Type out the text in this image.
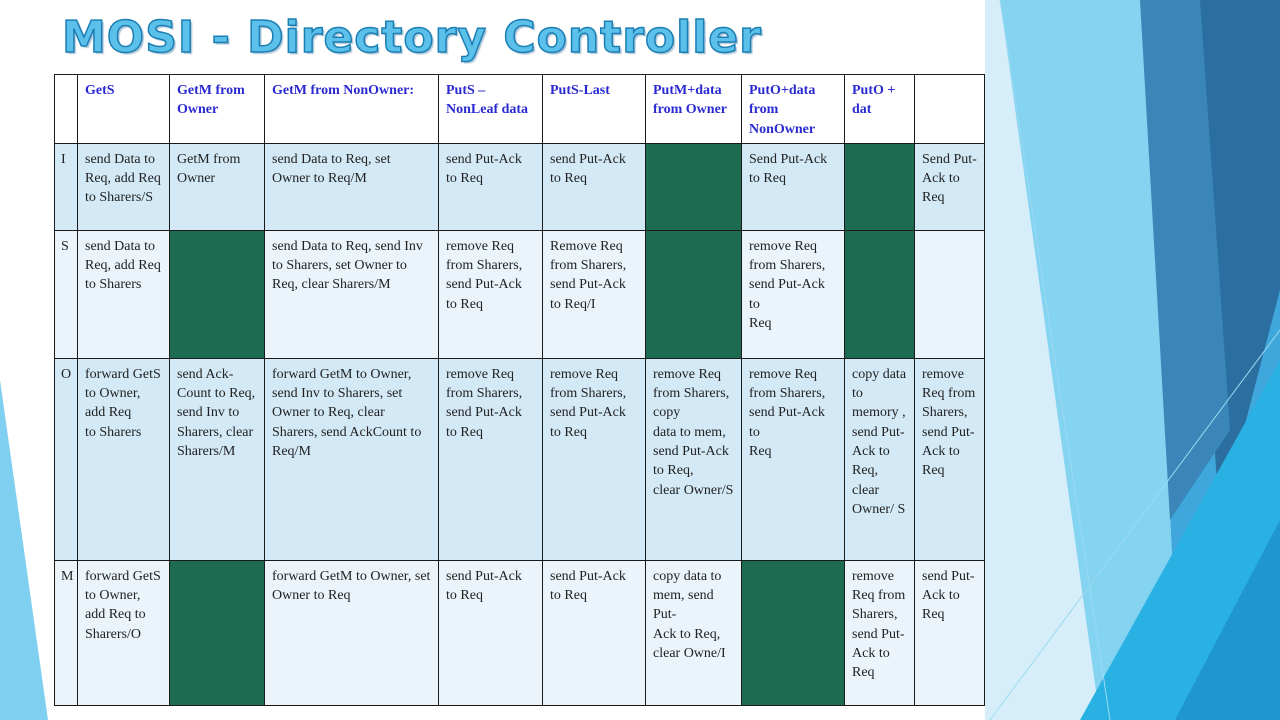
MOSI - Directory Controller
	GetS	GetM from Owner	GetM from NonOwner:	PutS – NonLeaf data	PutS-Last	PutM+data from Owner	PutO+data from NonOwner	PutO + dat	
I	send Data to Req, add Req to Sharers/S	GetM from Owner	send Data to Req, set Owner to Req/M	send Put-Ack to Req	send Put-Ack to Req		Send Put-Ack to Req		Send Put-Ack to Req

S	send Data to Req, add Req to Sharers		send Data to Req, send Inv to Sharers, set Owner to Req, clear Sharers/M	remove Req from Sharers, send Put-Ack to Req	Remove Req from Sharers, send Put-Ack to Req/I		remove Req from Sharers, send Put-Ack to
Req		

O	forward GetS to Owner, add Req
to Sharers	send Ack-Count to Req,
send Inv to Sharers, clear Sharers/M	forward GetM to Owner, send Inv to Sharers, set Owner to Req, clear Sharers, send AckCount to Req/M	remove Req from Sharers, send Put-Ack to Req	remove Req from Sharers, send Put-Ack to Req	remove Req from Sharers, copy
data to mem, send Put-Ack to Req,
clear Owner/S	remove Req from Sharers, send Put-Ack to
Req	copy data to memory , send Put-Ack to Req, clear Owner/ S	remove Req from Sharers, send Put-Ack to Req

M	forward GetS to Owner, add Req to Sharers/O		forward GetM to Owner, set Owner to Req	send Put-Ack to Req	send Put-Ack to Req	copy data to mem, send Put-
Ack to Req, clear Owne/I		remove Req from Sharers, send Put-Ack to Req	send Put-Ack to Req
